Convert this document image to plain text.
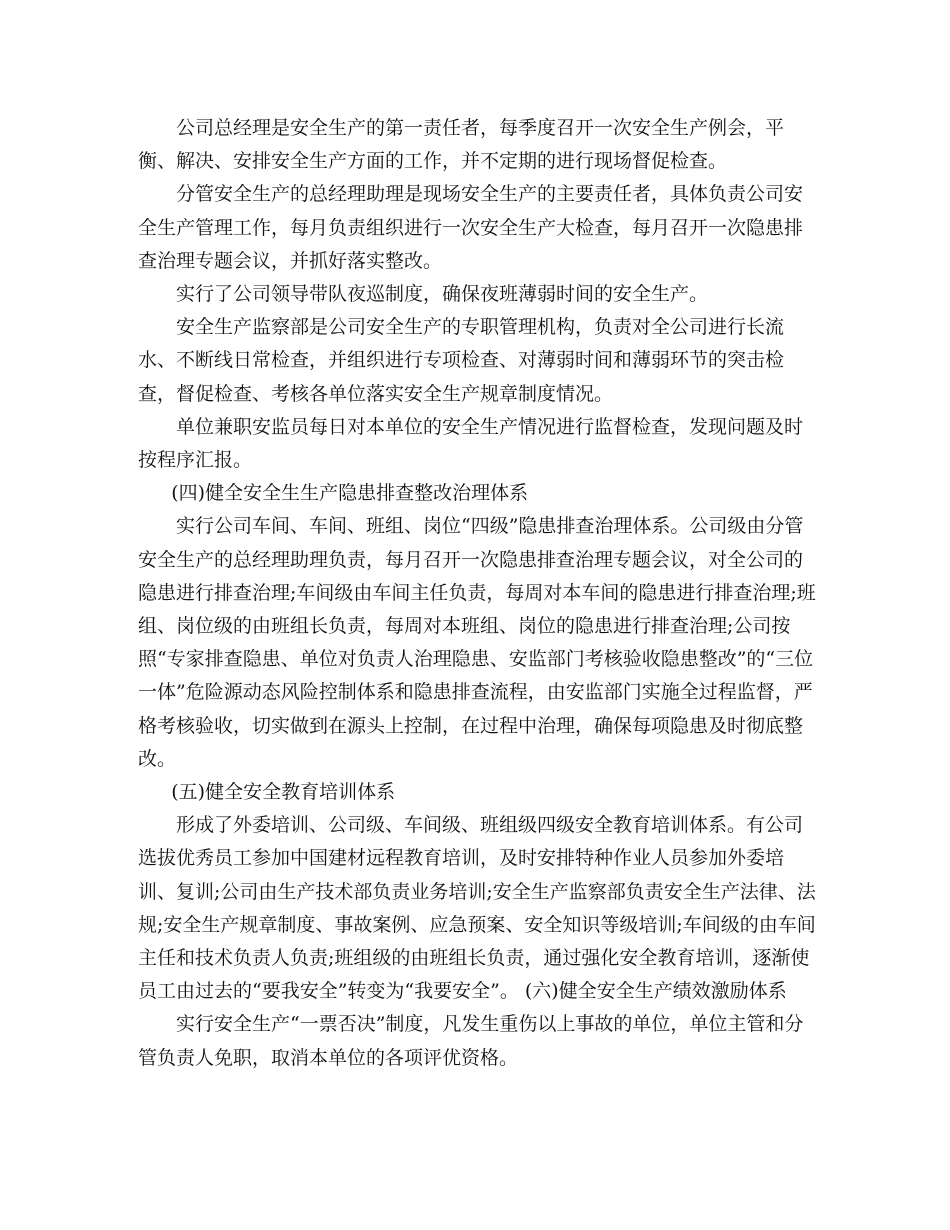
公司总经理是安全生产的第一责任者，每季度召开一次安全生产例会，平衡、解决、安排安全生产方面的工作，并不定期的进行现场督促检查。

分管安全生产的总经理助理是现场安全生产的主要责任者，具体负责公司安全生产管理工作，每月负责组织进行一次安全生产大检查，每月召开一次隐患排查治理专题会议，并抓好落实整改。

实行了公司领导带队夜巡制度，确保夜班薄弱时间的安全生产。

安全生产监察部是公司安全生产的专职管理机构，负责对全公司进行长流水、不断线日常检查，并组织进行专项检查、对薄弱时间和薄弱环节的突击检查，督促检查、考核各单位落实安全生产规章制度情况。

单位兼职安监员每日对本单位的安全生产情况进行监督检查，发现问题及时按程序汇报。

(四)健全安全生生产隐患排查整改治理体系

实行公司车间、车间、班组、岗位“四级”隐患排查治理体系。公司级由分管安全生产的总经理助理负责，每月召开一次隐患排查治理专题会议，对全公司的隐患进行排查治理;车间级由车间主任负责，每周对本车间的隐患进行排查治理;班组、岗位级的由班组长负责，每周对本班组、岗位的隐患进行排查治理;公司按照“专家排查隐患、单位对负责人治理隐患、安监部门考核验收隐患整改”的“三位一体”危险源动态风险控制体系和隐患排查流程，由安监部门实施全过程监督，严格考核验收，切实做到在源头上控制，在过程中治理，确保每项隐患及时彻底整改。

(五)健全安全教育培训体系

形成了外委培训、公司级、车间级、班组级四级安全教育培训体系。有公司选拔优秀员工参加中国建材远程教育培训，及时安排特种作业人员参加外委培训、复训;公司由生产技术部负责业务培训;安全生产监察部负责安全生产法律、法规;安全生产规章制度、事故案例、应急预案、安全知识等级培训;车间级的由车间主任和技术负责人负责;班组级的由班组长负责，通过强化安全教育培训，逐渐使员工由过去的“要我安全”转变为“我要安全”。 (六)健全安全生产绩效激励体系

实行安全生产“一票否决”制度，凡发生重伤以上事故的单位，单位主管和分管负责人免职，取消本单位的各项评优资格。
